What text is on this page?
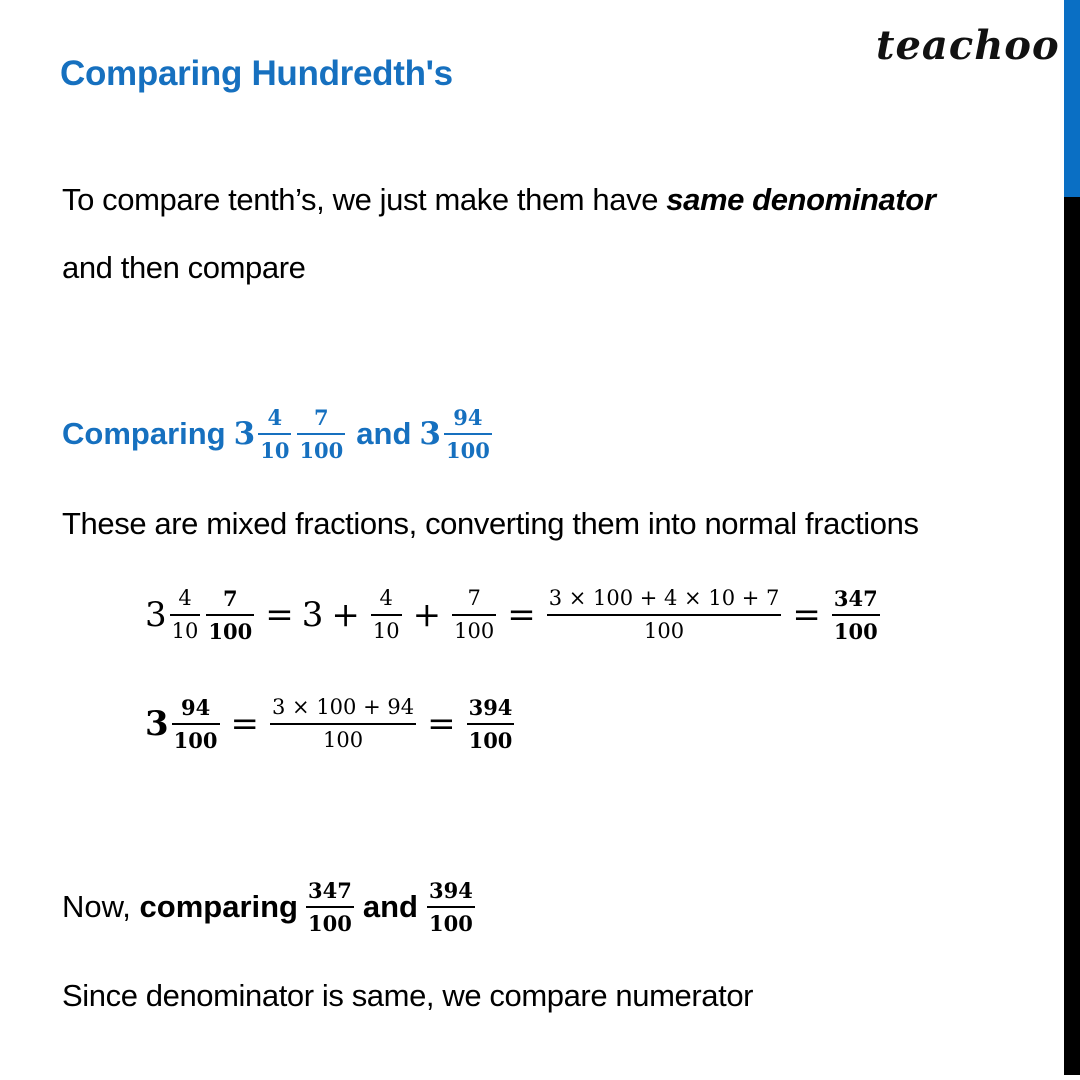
teachoo
Comparing Hundredth's
To compare tenth’s, we just make them have same denominator
and then compare
Comparing $3 \frac{4}{10} \frac{7}{100}$ and $3 \frac{94}{100}$
These are mixed fractions, converting them into normal fractions
$3 \frac{4}{10} \frac{7}{100} = 3 + \frac{4}{10} + \frac{7}{100} = \frac{3 \times 100 + 4 \times 10 + 7}{100} = \frac{347}{100}$
$3 \frac{94}{100} = \frac{3 \times 100 + 94}{100} = \frac{394}{100}$
Now, comparing $\frac{347}{100}$ and $\frac{394}{100}$
Since denominator is same, we compare numerator
